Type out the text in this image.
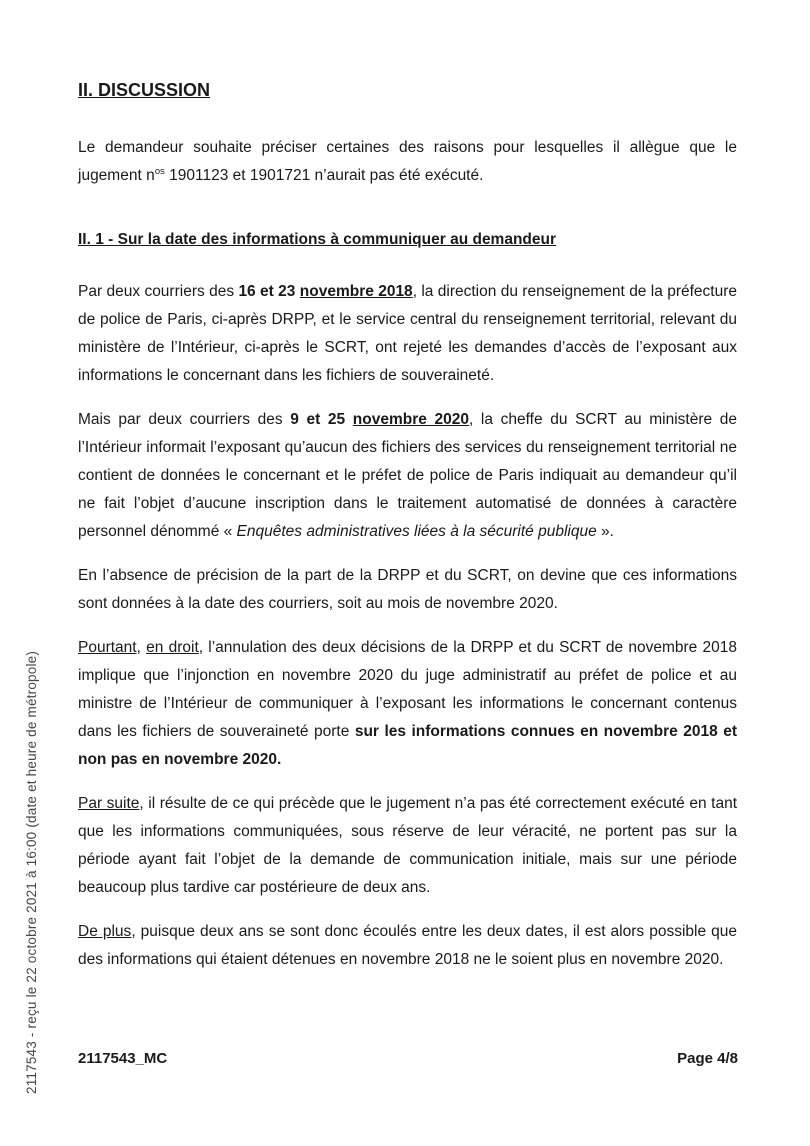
2117543 - reçu le 22 octobre 2021 à 16:00 (date et heure de métropole)
II. DISCUSSION

Le demandeur souhaite préciser certaines des raisons pour lesquelles il allègue que le jugement $n^{os}$ 1901123 et 1901721 n’aurait pas été exécuté.

II. 1 - Sur la date des informations à communiquer au demandeur

Par deux courriers des 16 et 23 novembre 2018, la direction du renseignement de la préfecture de police de Paris, ci-après DRPP, et le service central du renseignement territorial, relevant du ministère de l’Intérieur, ci-après le SCRT, ont rejeté les demandes d’accès de l’exposant aux informations le concernant dans les fichiers de souveraineté.

Mais par deux courriers des 9 et 25 novembre 2020, la cheffe du SCRT au ministère de l’Intérieur informait l’exposant qu’aucun des fichiers des services du renseignement territorial ne contient de données le concernant et le préfet de police de Paris indiquait au demandeur qu’il ne fait l’objet d’aucune inscription dans le traitement automatisé de données à caractère personnel dénommé « Enquêtes administratives liées à la sécurité publique ».

En l’absence de précision de la part de la DRPP et du SCRT, on devine que ces informations sont données à la date des courriers, soit au mois de novembre 2020.

Pourtant, en droit, l’annulation des deux décisions de la DRPP et du SCRT de novembre 2018 implique que l’injonction en novembre 2020 du juge administratif au préfet de police et au ministre de l’Intérieur de communiquer à l’exposant les informations le concernant contenus dans les fichiers de souveraineté porte sur les informations connues en novembre 2018 et non pas en novembre 2020.

Par suite, il résulte de ce qui précède que le jugement n’a pas été correctement exécuté en tant que les informations communiquées, sous réserve de leur véracité, ne portent pas sur la période ayant fait l’objet de la demande de communication initiale, mais sur une période beaucoup plus tardive car postérieure de deux ans.

De plus, puisque deux ans se sont donc écoulés entre les deux dates, il est alors possible que des informations qui étaient détenues en novembre 2018 ne le soient plus en novembre 2020.

2117543_MC	Page 4/8
